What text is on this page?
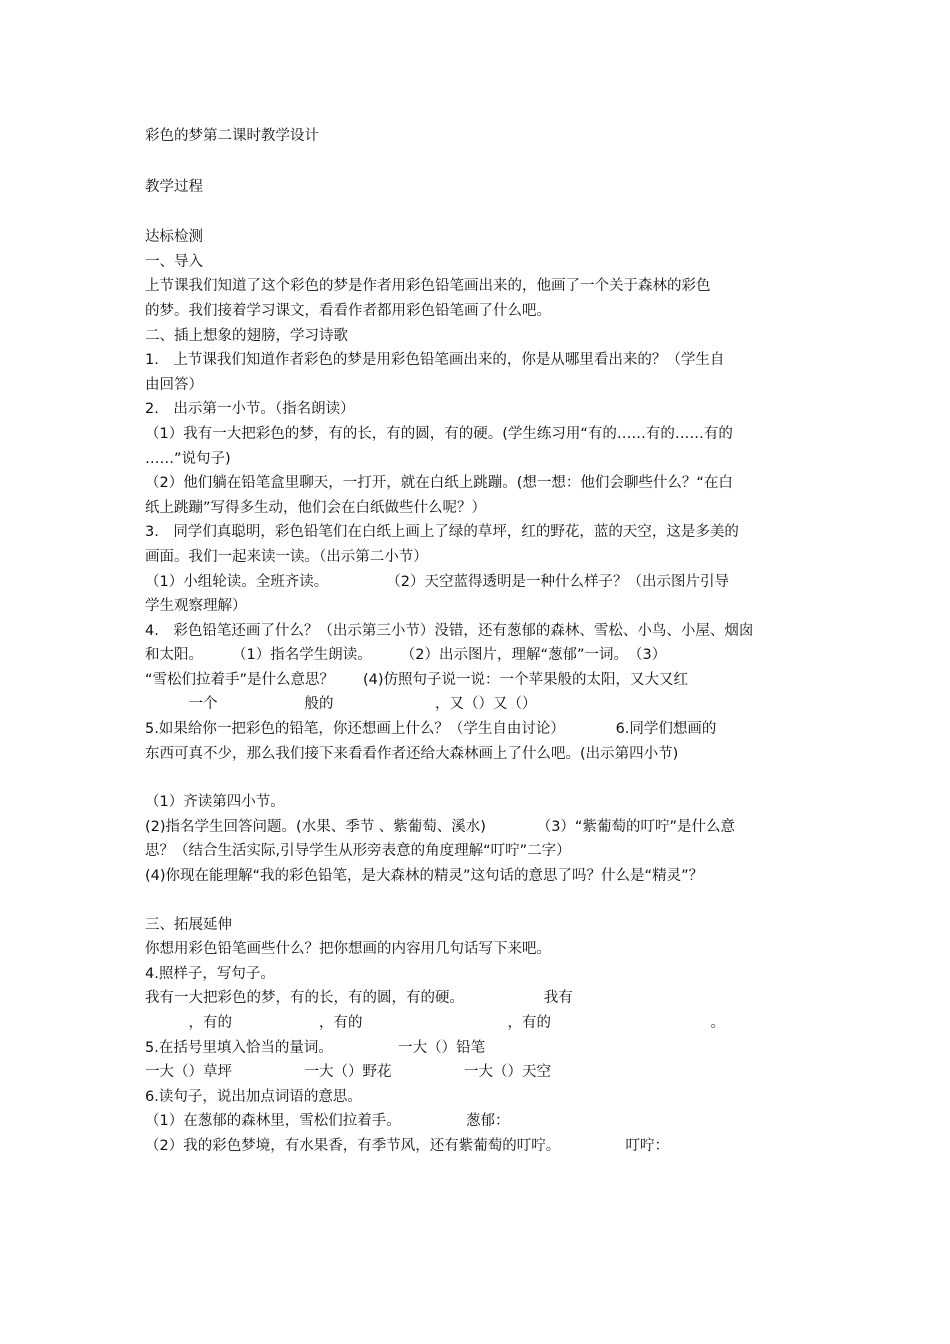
彩色的梦第二课时教学设计

教学过程

达标检测

一、导入

上节课我们知道了这个彩色的梦是作者用彩色铅笔画出来的，他画了一个关于森林的彩色

的梦。我们接着学习课文，看看作者都用彩色铅笔画了什么吧。

二、插上想象的翅膀，学习诗歌

1.　上节课我们知道作者彩色的梦是用彩色铅笔画出来的，你是从哪里看出来的？（学生自

由回答）

2.　出示第一小节。（指名朗读）

（1）我有一大把彩色的梦，有的长，有的圆，有的硬。(学生练习用“有的……有的……有的

……”说句子)

（2）他们躺在铅笔盒里聊天，一打开，就在白纸上跳蹦。(想一想：他们会聊些什么？“在白

纸上跳蹦”写得多生动，他们会在白纸做些什么呢？）

3.　同学们真聪明，彩色铅笔们在白纸上画上了绿的草坪，红的野花，蓝的天空，这是多美的

画面。我们一起来读一读。（出示第二小节）

（1）小组轮读。全班齐读。　　　　　（2）天空蓝得透明是一种什么样子？（出示图片引导

学生观察理解）

4.　彩色铅笔还画了什么？（出示第三小节）没错，还有葱郁的森林、雪松、小鸟、小屋、烟囱

和太阳。　　　（1）指名学生朗读。　　　（2）出示图片，理解“葱郁”一词。　（3）

“雪松们拉着手”是什么意思？　　(4)仿照句子说一说：一个苹果般的太阳，又大又红

　　　一个　　　　　　般的　　　　　　　，又（）又（）

5.如果给你一把彩色的铅笔，你还想画上什么？（学生自由讨论）　　　　6.同学们想画的

东西可真不少，那么我们接下来看看作者还给大森林画上了什么吧。(出示第四小节)

（1）齐读第四小节。

(2)指名学生回答问题。(水果、季节 、紫葡萄、溪水)　　　　（3）“紫葡萄的叮咛”是什么意

思？（结合生活实际,引导学生从形旁表意的角度理解“叮咛”二字）

(4)你现在能理解“我的彩色铅笔，是大森林的精灵”这句话的意思了吗？什么是“精灵”？

三、拓展延伸

你想用彩色铅笔画些什么？把你想画的内容用几句话写下来吧。

4.照样子，写句子。

我有一大把彩色的梦，有的长，有的圆，有的硬。　　　　　　我有

　　　，有的　　　　　　，有的　　　　　　　　　　，有的　　　　　　　　　　　。

5.在括号里填入恰当的量词。　　　　　一大（）铅笔

一大（）草坪　　　　　一大（）野花　　　　　一大（）天空

6.读句子，说出加点词语的意思。

（1）在葱郁的森林里，雪松们拉着手。　　　　　葱郁：

（2）我的彩色梦境，有水果香，有季节风，还有紫葡萄的叮咛。　　　　　叮咛：
